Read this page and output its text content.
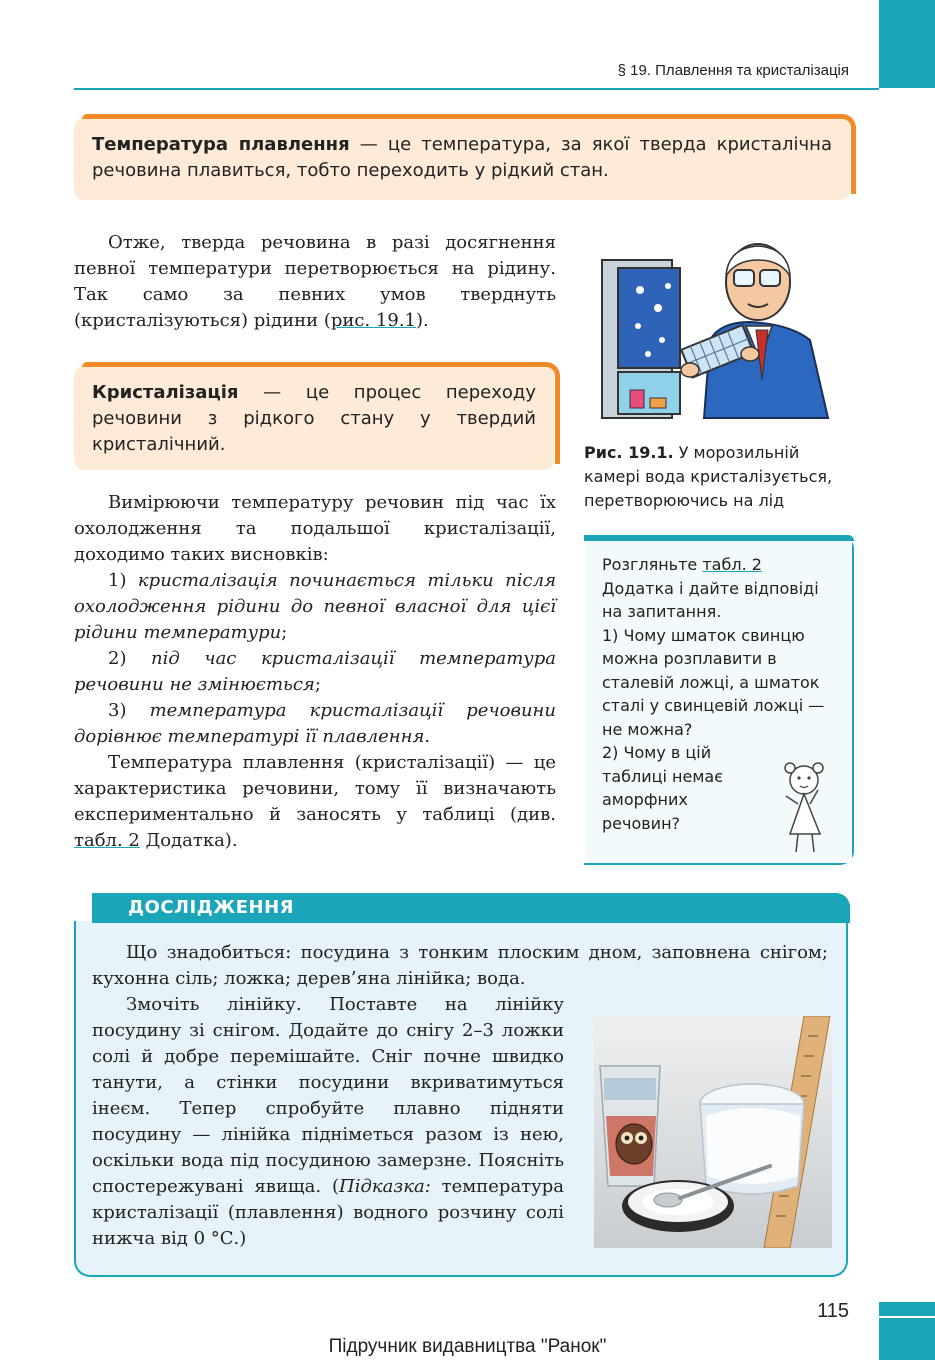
§ 19. Плавлення та кристалізація
Температура плавлення — це температура, за якої тверда кристалічна речовина плавиться, тобто переходить у рідкий стан.

Отже, тверда речовина в разі досягнення певної температури перетворюється на рідину. Так само за певних умов тверднуть (кристалізуються) рідини (рис. 19.1).

Кристалізація — це процес переходу речовини з рідкого стану у твердий кристалічний.

Вимірюючи температуру речовин під час їх охолодження та подальшої кристалізації, доходимо таких висновків:

1) кристалізація починається тільки після охолодження рідини до певної власної для цієї рідини температури;

2) під час кристалізації температура речовини не змінюється;

3) температура кристалізації речовини дорівнює температурі її плавлення.

Температура плавлення (кристалізації) — це характеристика речовини, тому її визначають експериментально й заносять у таблиці (див. табл. 2 Додатка).

Рис. 19.1. У морозильній камері вода кристалізується, перетворюючись на лід
Розгляньте табл. 2 Додатка і дайте відповіді на запитання.
1) Чому шматок свинцю можна розплавити в сталевій ложці, а шматок сталі у свинцевій ложці — не можна?
2) Чому в цій
таблиці немає
аморфних
речовин?
ДОСЛІДЖЕННЯ

Що знадобиться: посудина з тонким плоским дном, заповнена снігом; кухонна сіль; ложка; дерев’яна лінійка; вода.

Змочіть лінійку. Поставте на лінійку посудину зі снігом. Додайте до снігу 2–3 ложки солі й добре перемішайте. Сніг почне швидко танути, а стінки посудини вкриватимуться інеєм. Тепер спробуйте плавно підняти посудину — лінійка підніметься разом із нею, оскільки вода під посудиною замерзне. Поясніть спостережувані явища. (Підказка: температура кристалізації (плавлення) водного розчину солі нижча від 0 °С.)

115
Підручник видавництва "Ранок"
